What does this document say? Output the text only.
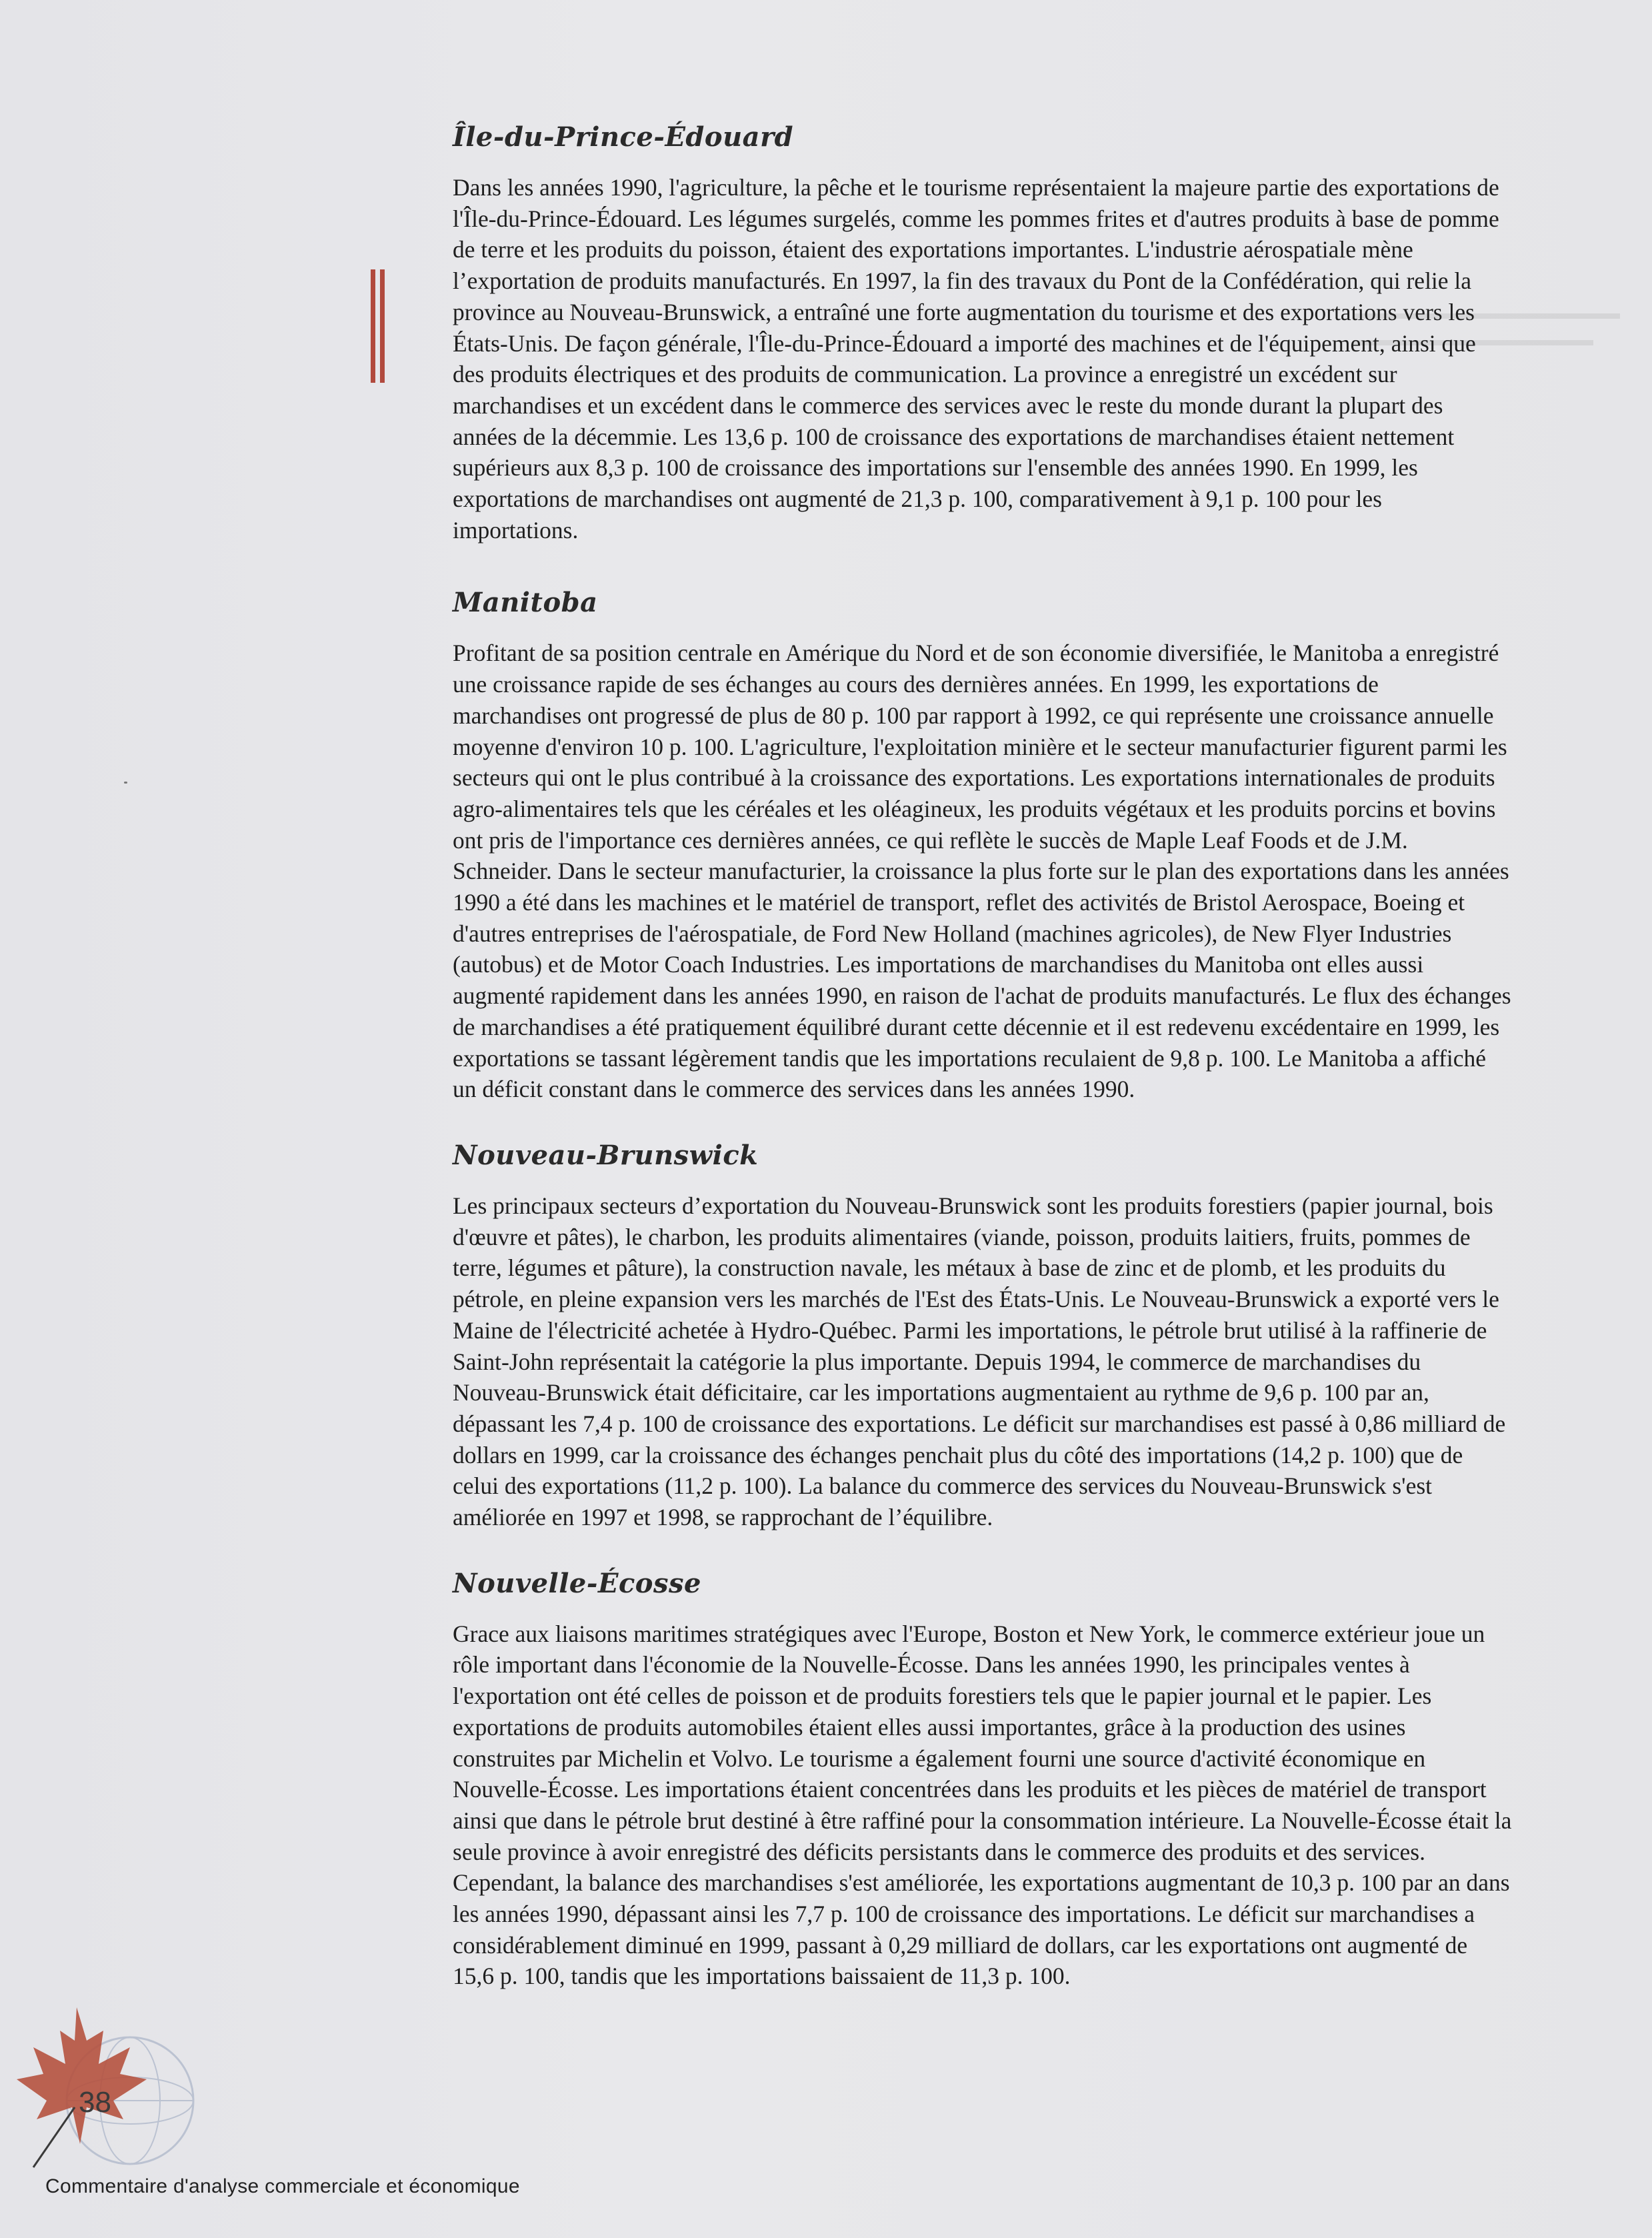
Île-du-Prince-Édouard

Dans les années 1990, l'agriculture, la pêche et le tourisme représentaient la majeure partie des exportations de l'Île-du-Prince-Édouard. Les légumes surgelés, comme les pommes frites et d'autres produits à base de pomme de terre et les produits du poisson, étaient des exportations importantes. L'industrie aérospatiale mène l’exportation de produits manufacturés. En 1997, la fin des travaux du Pont de la Confédération, qui relie la province au Nouveau-Brunswick, a entraîné une forte augmentation du tourisme et des exportations vers les États-Unis. De façon générale, l'Île-du-Prince-Édouard a importé des machines et de l'équipement, ainsi que des produits électriques et des produits de communication. La province a enregistré un excédent sur marchandises et un excédent dans le commerce des services avec le reste du monde durant la plupart des années de la décemmie. Les 13,6 p. 100 de croissance des exportations de marchandises étaient nettement supérieurs aux 8,3 p. 100 de croissance des importations sur l'ensemble des années 1990. En 1999, les exportations de marchandises ont augmenté de 21,3 p. 100, comparativement à 9,1 p. 100 pour les importations.

Manitoba

Profitant de sa position centrale en Amérique du Nord et de son économie diversifiée, le Manitoba a enregistré une croissance rapide de ses échanges au cours des dernières années. En 1999, les exportations de marchandises ont progressé de plus de 80 p. 100 par rapport à 1992, ce qui représente une croissance annuelle moyenne d'environ 10 p. 100. L'agriculture, l'exploitation minière et le secteur manufacturier figurent parmi les secteurs qui ont le plus contribué à la croissance des exportations. Les exportations internationales de produits agro-alimentaires tels que les céréales et les oléagineux, les produits végétaux et les produits porcins et bovins ont pris de l'importance ces dernières années, ce qui reflète le succès de Maple Leaf Foods et de J.M. Schneider. Dans le secteur manufacturier, la croissance la plus forte sur le plan des exportations dans les années 1990 a été dans les machines et le matériel de transport, reflet des activités de Bristol Aerospace, Boeing et d'autres entreprises de l'aérospatiale, de Ford New Holland (machines agricoles), de New Flyer Industries (autobus) et de Motor Coach Industries. Les importations de marchandises du Manitoba ont elles aussi augmenté rapidement dans les années 1990, en raison de l'achat de produits manufacturés. Le flux des échanges de marchandises a été pratiquement équilibré durant cette décennie et il est redevenu excédentaire en 1999, les exportations se tassant légèrement tandis que les importations reculaient de 9,8 p. 100. Le Manitoba a affiché un déficit constant dans le commerce des services dans les années 1990.

Nouveau-Brunswick

Les principaux secteurs d’exportation du Nouveau-Brunswick sont les produits forestiers (papier journal, bois d'œuvre et pâtes), le charbon, les produits alimentaires (viande, poisson, produits laitiers, fruits, pommes de terre, légumes et pâture), la construction navale, les métaux à base de zinc et de plomb, et les produits du pétrole, en pleine expansion vers les marchés de l'Est des États-Unis. Le Nouveau-Brunswick a exporté vers le Maine de l'électricité achetée à Hydro-Québec. Parmi les importations, le pétrole brut utilisé à la raffinerie de Saint-John représentait la catégorie la plus importante. Depuis 1994, le commerce de marchandises du Nouveau-Brunswick était déficitaire, car les importations augmentaient au rythme de 9,6 p. 100 par an, dépassant les 7,4 p. 100 de croissance des exportations. Le déficit sur marchandises est passé à 0,86 milliard de dollars en 1999, car la croissance des échanges penchait plus du côté des importations (14,2 p. 100) que de celui des exportations (11,2 p. 100). La balance du commerce des services du Nouveau-Brunswick s'est améliorée en 1997 et 1998, se rapprochant de l’équilibre.

Nouvelle-Écosse

Grace aux liaisons maritimes stratégiques avec l'Europe, Boston et New York, le commerce extérieur joue un rôle important dans l'économie de la Nouvelle-Écosse. Dans les années 1990, les principales ventes à l'exportation ont été celles de poisson et de produits forestiers tels que le papier journal et le papier. Les exportations de produits automobiles étaient elles aussi importantes, grâce à la production des usines construites par Michelin et Volvo. Le tourisme a également fourni une source d'activité économique en Nouvelle-Écosse. Les importations étaient concentrées dans les produits et les pièces de matériel de transport ainsi que dans le pétrole brut destiné à être raffiné pour la consommation intérieure. La Nouvelle-Écosse était la seule province à avoir enregistré des déficits persistants dans le commerce des produits et des services. Cependant, la balance des marchandises s'est améliorée, les exportations augmentant de 10,3 p. 100 par an dans les années 1990, dépassant ainsi les 7,7 p. 100 de croissance des importations. Le déficit sur marchandises a considérablement diminué en 1999, passant à 0,29 milliard de dollars, car les exportations ont augmenté de 15,6 p. 100, tandis que les importations baissaient de 11,3 p. 100.

38
Commentaire d'analyse commerciale et économique
